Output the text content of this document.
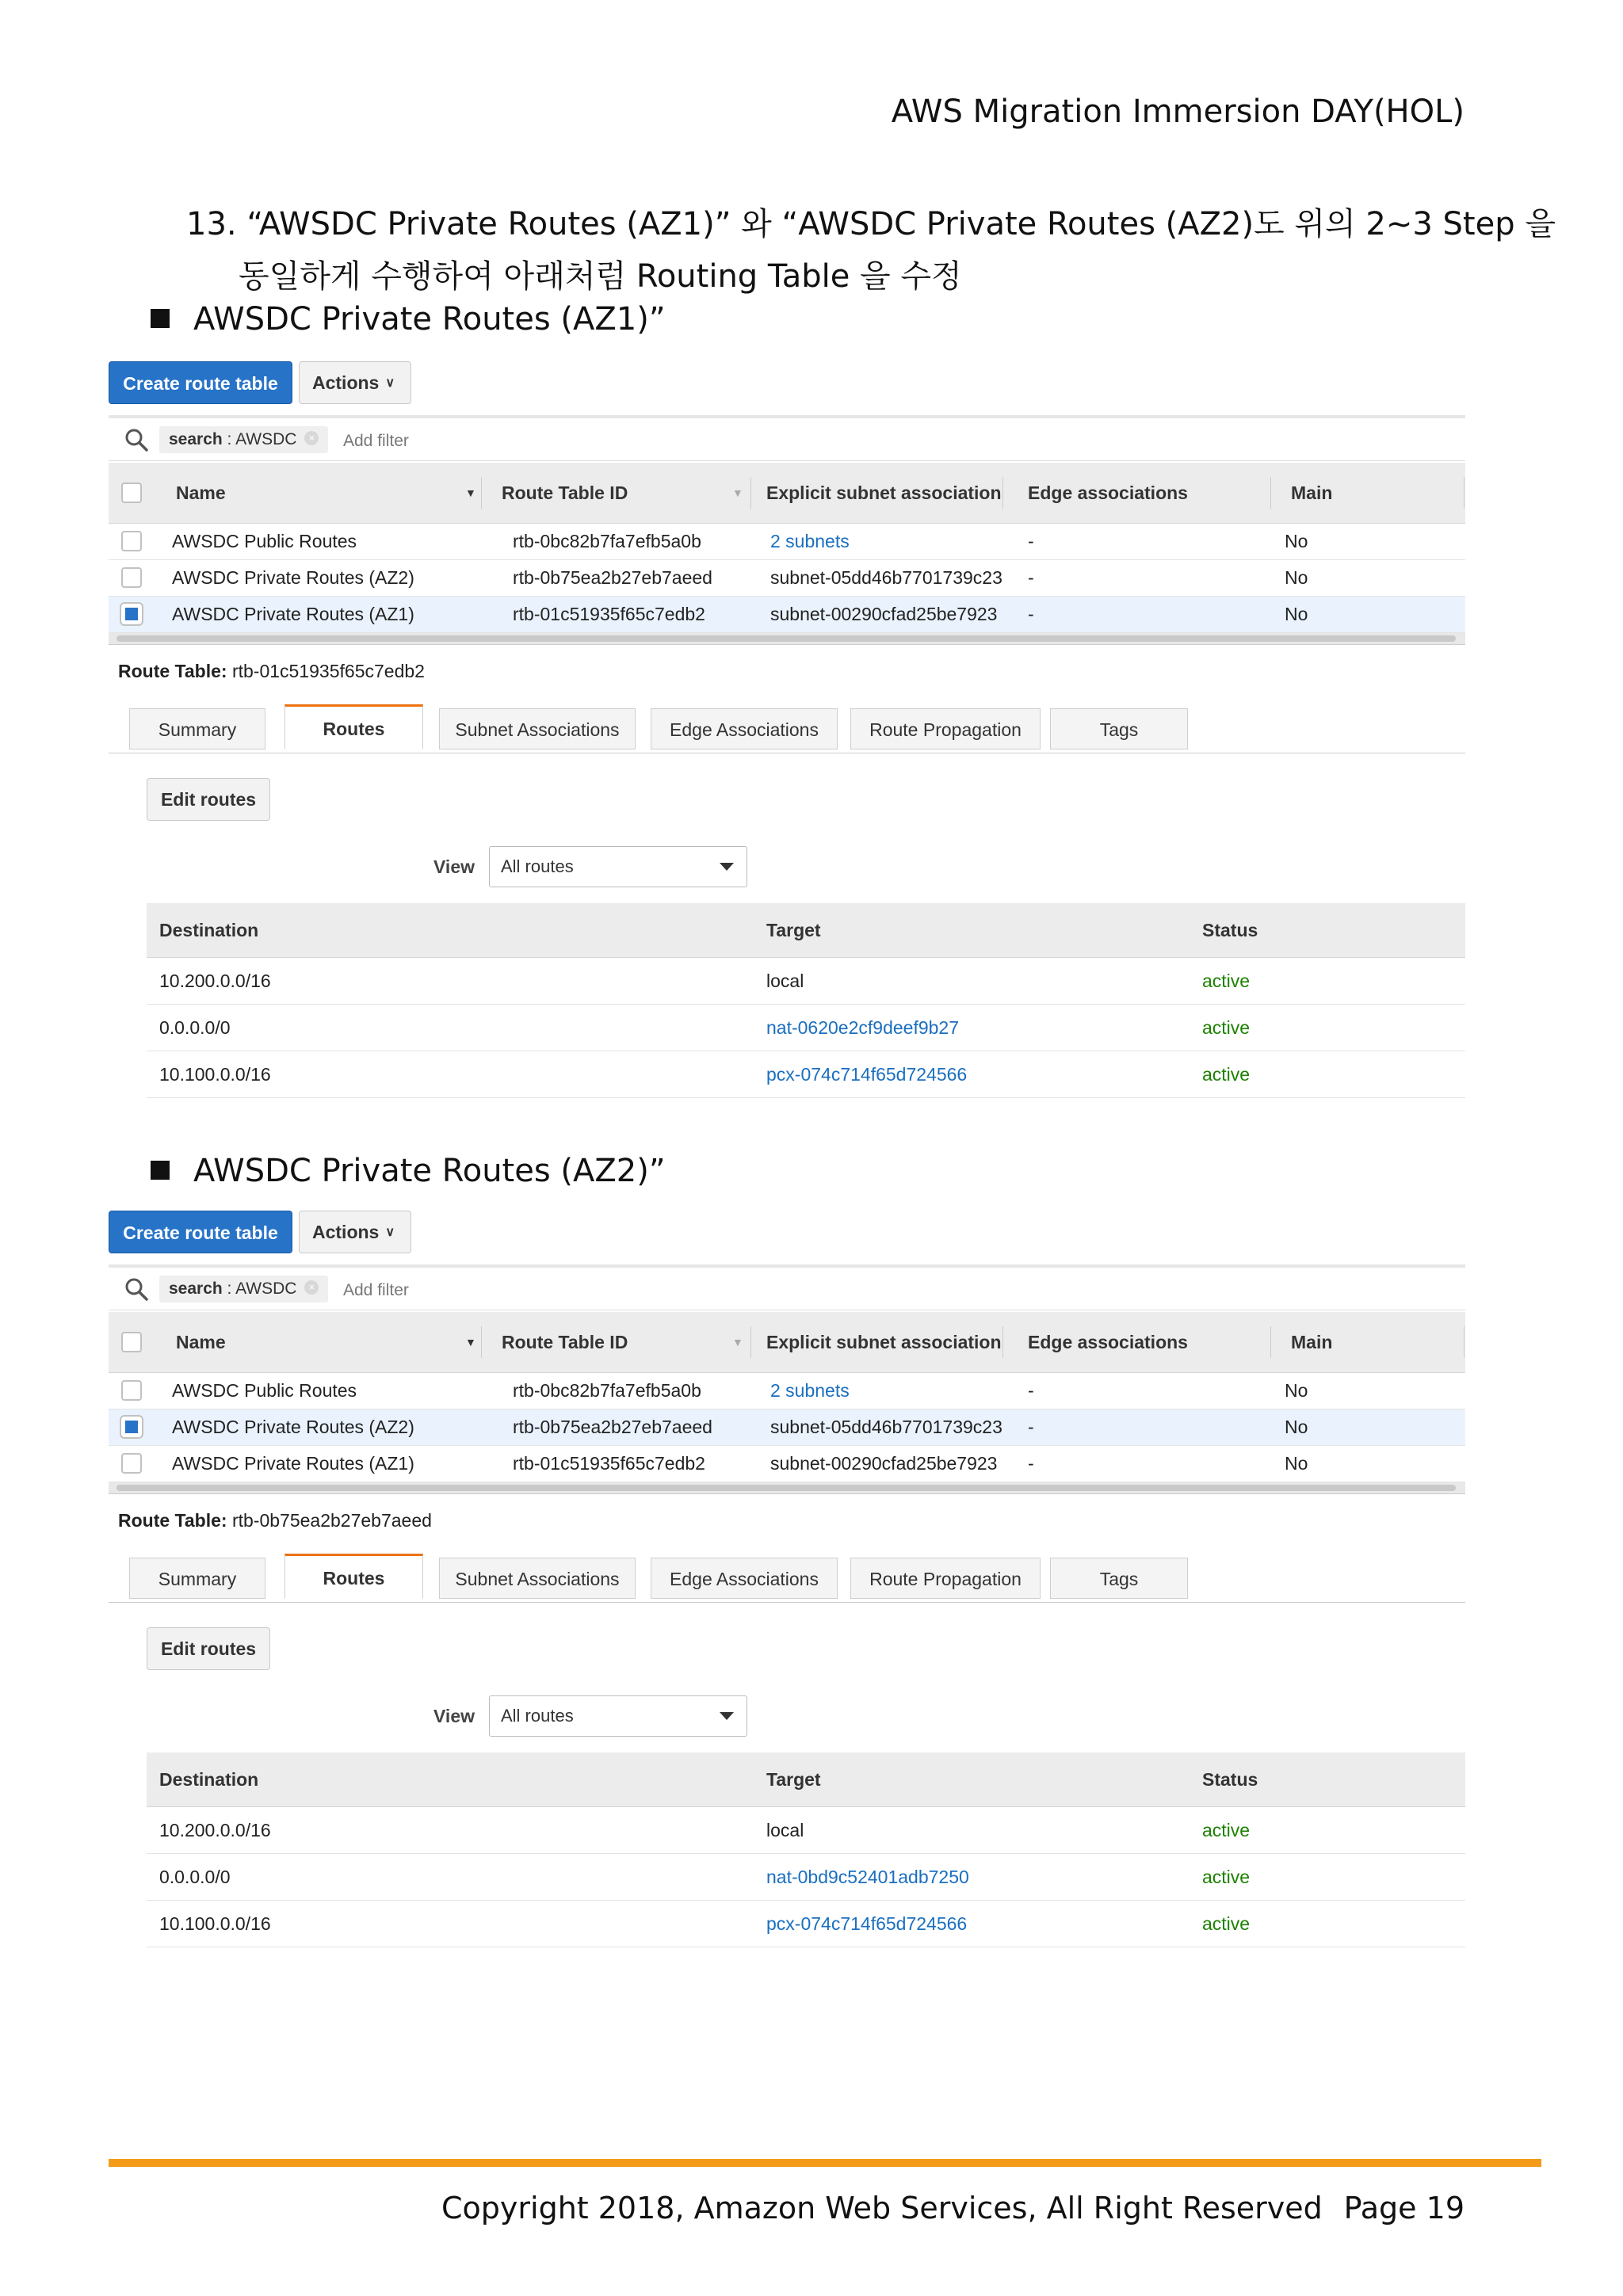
AWS Migration Immersion DAY(HOL)
13. “AWSDC Private Routes (AZ1)” 와 “AWSDC Private Routes (AZ2)도 위의 2~3 Step 을
동일하게 수행하여 아래처럼 Routing Table 을 수정
AWSDC Private Routes (AZ1)”
Create route table	Actions ∨
search : AWSDC ×	Add filter
Name	Route Table ID	Explicit subnet association Edge associations	Main
▼	▼
AWSDC Public Routes	rtb-0bc82b7fa7efb5a0b	2 subnets	-	No
AWSDC Private Routes (AZ2)	rtb-0b75ea2b27eb7aeed	subnet-05dd46b7701739c23 -	No
AWSDC Private Routes (AZ1)	rtb-01c51935f65c7edb2	subnet-00290cfad25be7923 -	No
Route Table: rtb-01c51935f65c7edb2
Summary	Routes	Subnet Associations	Edge Associations	Route Propagation	Tags
Edit routes
View	All routes
Destination	Target	Status
10.200.0.0/16	local	active
0.0.0.0/0	nat-0620e2cf9deef9b27	active
10.100.0.0/16	pcx-074c714f65d724566	active
AWSDC Private Routes (AZ2)”
Create route table	Actions ∨
search : AWSDC ×	Add filter
Name	Route Table ID	Explicit subnet association Edge associations	Main
▼	▼
AWSDC Public Routes	rtb-0bc82b7fa7efb5a0b	2 subnets	-	No
AWSDC Private Routes (AZ2)	rtb-0b75ea2b27eb7aeed	subnet-05dd46b7701739c23 -	No
AWSDC Private Routes (AZ1)	rtb-01c51935f65c7edb2	subnet-00290cfad25be7923 -	No
Route Table: rtb-0b75ea2b27eb7aeed
Summary	Routes	Subnet Associations	Edge Associations	Route Propagation	Tags
Edit routes
View	All routes
Destination	Target	Status
10.200.0.0/16	local	active
0.0.0.0/0	nat-0bd9c52401adb7250	active
10.100.0.0/16	pcx-074c714f65d724566	active
Copyright 2018, Amazon Web Services, All Right Reserved Page 19
